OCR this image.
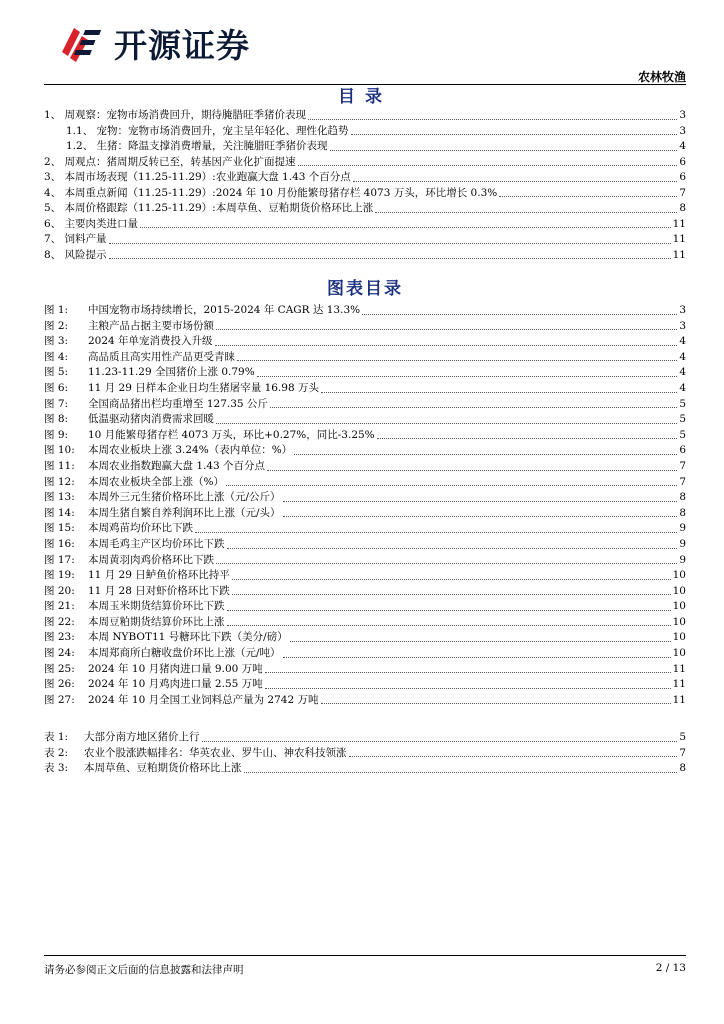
开源证券
农林牧渔
目录
1、 周观察：宠物市场消费回升，期待腌腊旺季猪价表现	3
1.1、 宠物：宠物市场消费回升，宠主呈年轻化、理性化趋势	3
1.2、 生猪：降温支撑消费增量，关注腌腊旺季猪价表现	4
2、 周观点：猪周期反转已至，转基因产业化扩面提速	6
3、 本周市场表现（11.25-11.29）:农业跑赢大盘 1.43 个百分点	6
4、 本周重点新闻（11.25-11.29）:2024 年 10 月份能繁母猪存栏 4073 万头，环比增长 0.3%	7
5、 本周价格跟踪（11.25-11.29）:本周草鱼、豆粕期货价格环比上涨	8
6、 主要肉类进口量	11
7、 饲料产量	11
8、 风险提示	11
图表目录
图 1: 中国宠物市场持续增长，2015-2024 年 CAGR 达 13.3%	3
图 2: 主粮产品占据主要市场份额	3
图 3: 2024 年单宠消费投入升级	4
图 4: 高品质且高实用性产品更受青睐	4
图 5: 11.23-11.29 全国猪价上涨 0.79%	4
图 6: 11 月 29 日样本企业日均生猪屠宰量 16.98 万头	4
图 7: 全国商品猪出栏均重增至 127.35 公斤	5
图 8: 低温驱动猪肉消费需求回暖	5
图 9: 10 月能繁母猪存栏 4073 万头，环比+0.27%，同比-3.25%	5
图 10: 本周农业板块上涨 3.24%（表内单位：%）	6
图 11: 本周农业指数跑赢大盘 1.43 个百分点	7
图 12: 本周农业板块全部上涨（%）	7
图 13: 本周外三元生猪价格环比上涨（元/公斤）	8
图 14: 本周生猪自繁自养利润环比上涨（元/头）	8
图 15: 本周鸡苗均价环比下跌	9
图 16: 本周毛鸡主产区均价环比下跌	9
图 17: 本周黄羽肉鸡价格环比下跌	9
图 19: 11 月 29 日鲈鱼价格环比持平	10
图 20: 11 月 28 日对虾价格环比下跌	10
图 21: 本周玉米期货结算价环比下跌	10
图 22: 本周豆粕期货结算价环比上涨	10
图 23: 本周 NYBOT11 号糖环比下跌（美分/磅）	10
图 24: 本周郑商所白糖收盘价环比上涨（元/吨）	10
图 25: 2024 年 10 月猪肉进口量 9.00 万吨	11
图 26: 2024 年 10 月鸡肉进口量 2.55 万吨	11
图 27: 2024 年 10 月全国工业饲料总产量为 2742 万吨	11
表 1: 大部分南方地区猪价上行	5
表 2: 农业个股涨跌幅排名：华英农业、罗牛山、神农科技领涨	7
表 3: 本周草鱼、豆粕期货价格环比上涨	8
请务必参阅正文后面的信息披露和法律声明	2 / 13
